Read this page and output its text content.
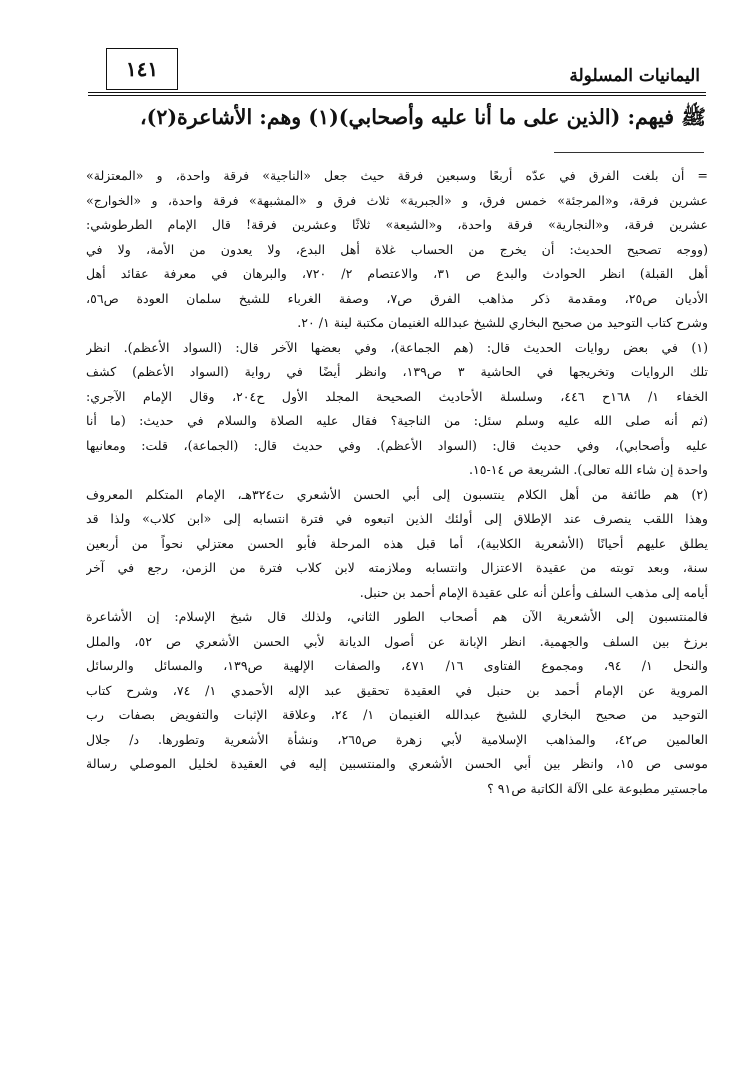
١٤١	اليمانيات المسلولة
ﷺ فيهم: (الذين على ما أنا عليه وأصحابي)(١) وهم: الأشاعرة(٢)،
= أن بلغت الفرق في عدّه أربعًا وسبعين فرقة حيث جعل «الناجية» فرقة واحدة، و «المعتزلة»
عشرين فرقة، و«المرجئة» خمس فرق، و «الجبرية» ثلاث فرق و «المشبهة» فرقة واحدة، و «الخوارج»
عشرين فرقة، و«النجارية» فرقة واحدة، و«الشيعة» ثلاثًا وعشرين فرقة! قال الإمام الطرطوشي:
(ووجه تصحيح الحديث: أن يخرج من الحساب غلاة أهل البدع، ولا يعدون من الأمة، ولا في
أهل القبلة) انظر الحوادث والبدع ص ٣١، والاعتصام ٢/ ٧٢٠، والبرهان في معرفة عقائد أهل
الأديان ص٢٥، ومقدمة ذكر مذاهب الفرق ص٧، وصفة الغرباء للشيخ سلمان العودة ص٥٦،
وشرح كتاب التوحيد من صحيح البخاري للشيخ عبدالله الغنيمان مكتبة لينة ١/ ٢٠.
(١) في بعض روايات الحديث قال: (هم الجماعة)، وفي بعضها الآخر قال: (السواد الأعظم). انظر
تلك الروايات وتخريجها في الحاشية ٣ ص١٣٩، وانظر أيضًا في رواية (السواد الأعظم) كشف
الخفاء ١/ ١٦٨ح ٤٤٦، وسلسلة الأحاديث الصحيحة المجلد الأول ح٢٠٤، وقال الإمام الآجري:
(ثم أنه صلى الله عليه وسلم سئل: من الناجية؟ فقال عليه الصلاة والسلام في حديث: (ما أنا
عليه وأصحابي)، وفي حديث قال: (السواد الأعظم). وفي حديث قال: (الجماعة)، قلت: ومعانيها
واحدة إن شاء الله تعالى). الشريعة ص ١٤-١٥.
(٢) هم طائفة من أهل الكلام ينتسبون إلى أبي الحسن الأشعري ت٣٢٤هـ، الإمام المتكلم المعروف
وهذا اللقب ينصرف عند الإطلاق إلى أولئك الذين اتبعوه في فترة انتسابه إلى «ابن كلاب» ولذا قد
يطلق عليهم أحيانًا (الأشعرية الكلابية)، أما قبل هذه المرحلة فأبو الحسن معتزلي نحواً من أربعين
سنة، وبعد توبته من عقيدة الاعتزال وانتسابه وملازمته لابن كلاب فترة من الزمن، رجع في آخر
أيامه إلى مذهب السلف وأعلن أنه على عقيدة الإمام أحمد بن حنبل.
فالمنتسبون إلى الأشعرية الآن هم أصحاب الطور الثاني، ولذلك قال شيخ الإسلام: إن الأشاعرة
برزخ بين السلف والجهمية. انظر الإبانة عن أصول الديانة لأبي الحسن الأشعري ص ٥٢، والملل
والنحل ١/ ٩٤، ومجموع الفتاوى ١٦/ ٤٧١، والصفات الإلهية ص١٣٩، والمسائل والرسائل
المروية عن الإمام أحمد بن حنبل في العقيدة تحقيق عبد الإله الأحمدي ١/ ٧٤، وشرح كتاب
التوحيد من صحيح البخاري للشيخ عبدالله الغنيمان ١/ ٢٤، وعلاقة الإثبات والتفويض بصفات رب
العالمين ص٤٢، والمذاهب الإسلامية لأبي زهرة ص٢٦٥، ونشأة الأشعرية وتطورها. د/ جلال
موسى ص ١٥، وانظر بين أبي الحسن الأشعري والمنتسبين إليه في العقيدة لخليل الموصلي رسالة
ماجستير مطبوعة على الآلة الكاتبة ص٩١ ؟
